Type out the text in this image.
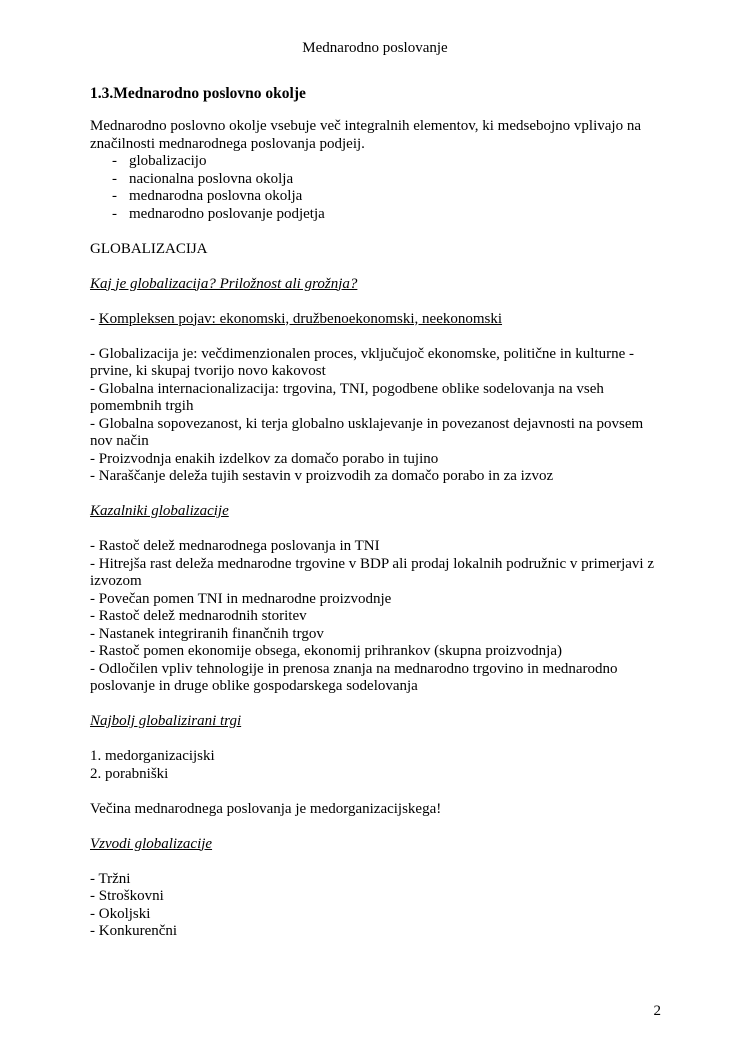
Mednarodno poslovanje
1.3.Mednarodno poslovno okolje
Mednarodno poslovno okolje vsebuje več integralnih elementov, ki medsebojno vplivajo na značilnosti mednarodnega poslovanja podjeij.
- globalizacijo
- nacionalna poslovna okolja
- mednarodna poslovna okolja
- mednarodno poslovanje podjetja
GLOBALIZACIJA
Kaj je globalizacija? Priložnost ali grožnja?
- Kompleksen pojav: ekonomski, družbenoekonomski, neekonomski
- Globalizacija je: večdimenzionalen proces, vključujoč ekonomske, politične in kulturne - prvine, ki skupaj tvorijo novo kakovost
- Globalna internacionalizacija: trgovina, TNI, pogodbene oblike sodelovanja na vseh pomembnih trgih
- Globalna sopovezanost, ki terja globalno usklajevanje in povezanost dejavnosti na povsem nov način
- Proizvodnja enakih izdelkov za domačo porabo in tujino
- Naraščanje deleža tujih sestavin v proizvodih za domačo porabo in za izvoz
Kazalniki globalizacije
- Rastoč delež mednarodnega poslovanja in TNI
- Hitrejša rast deleža mednarodne trgovine v BDP ali prodaj lokalnih podružnic v primerjavi z izvozom
- Povečan pomen TNI in mednarodne proizvodnje
- Rastoč delež mednarodnih storitev
- Nastanek integriranih finančnih trgov
- Rastoč pomen ekonomije obsega, ekonomij prihrankov (skupna proizvodnja)
- Odločilen vpliv tehnologije in prenosa znanja na mednarodno trgovino in mednarodno poslovanje in druge oblike gospodarskega sodelovanja
Najbolj globalizirani trgi
1. medorganizacijski
2. porabniški
Večina mednarodnega poslovanja je medorganizacijskega!
Vzvodi globalizacije
- Tržni
- Stroškovni
- Okoljski
- Konkurenčni
2
